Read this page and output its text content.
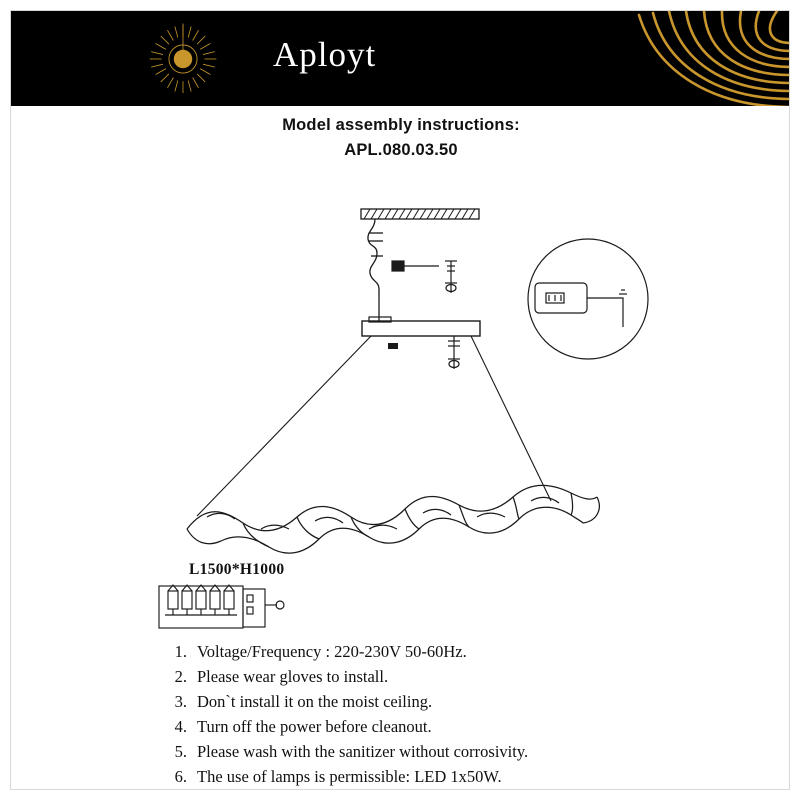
Aployt
Model assembly instructions:
APL.080.03.50
L1500*H1000
1. Voltage/Frequency : 220-230V 50-60Hz.
2. Please wear gloves to install.
3. Don`t install it on the moist ceiling.
4. Turn off the power before cleanout.
5. Please wash with the sanitizer without corrosivity.
6. The use of lamps is permissible: LED 1x50W.
